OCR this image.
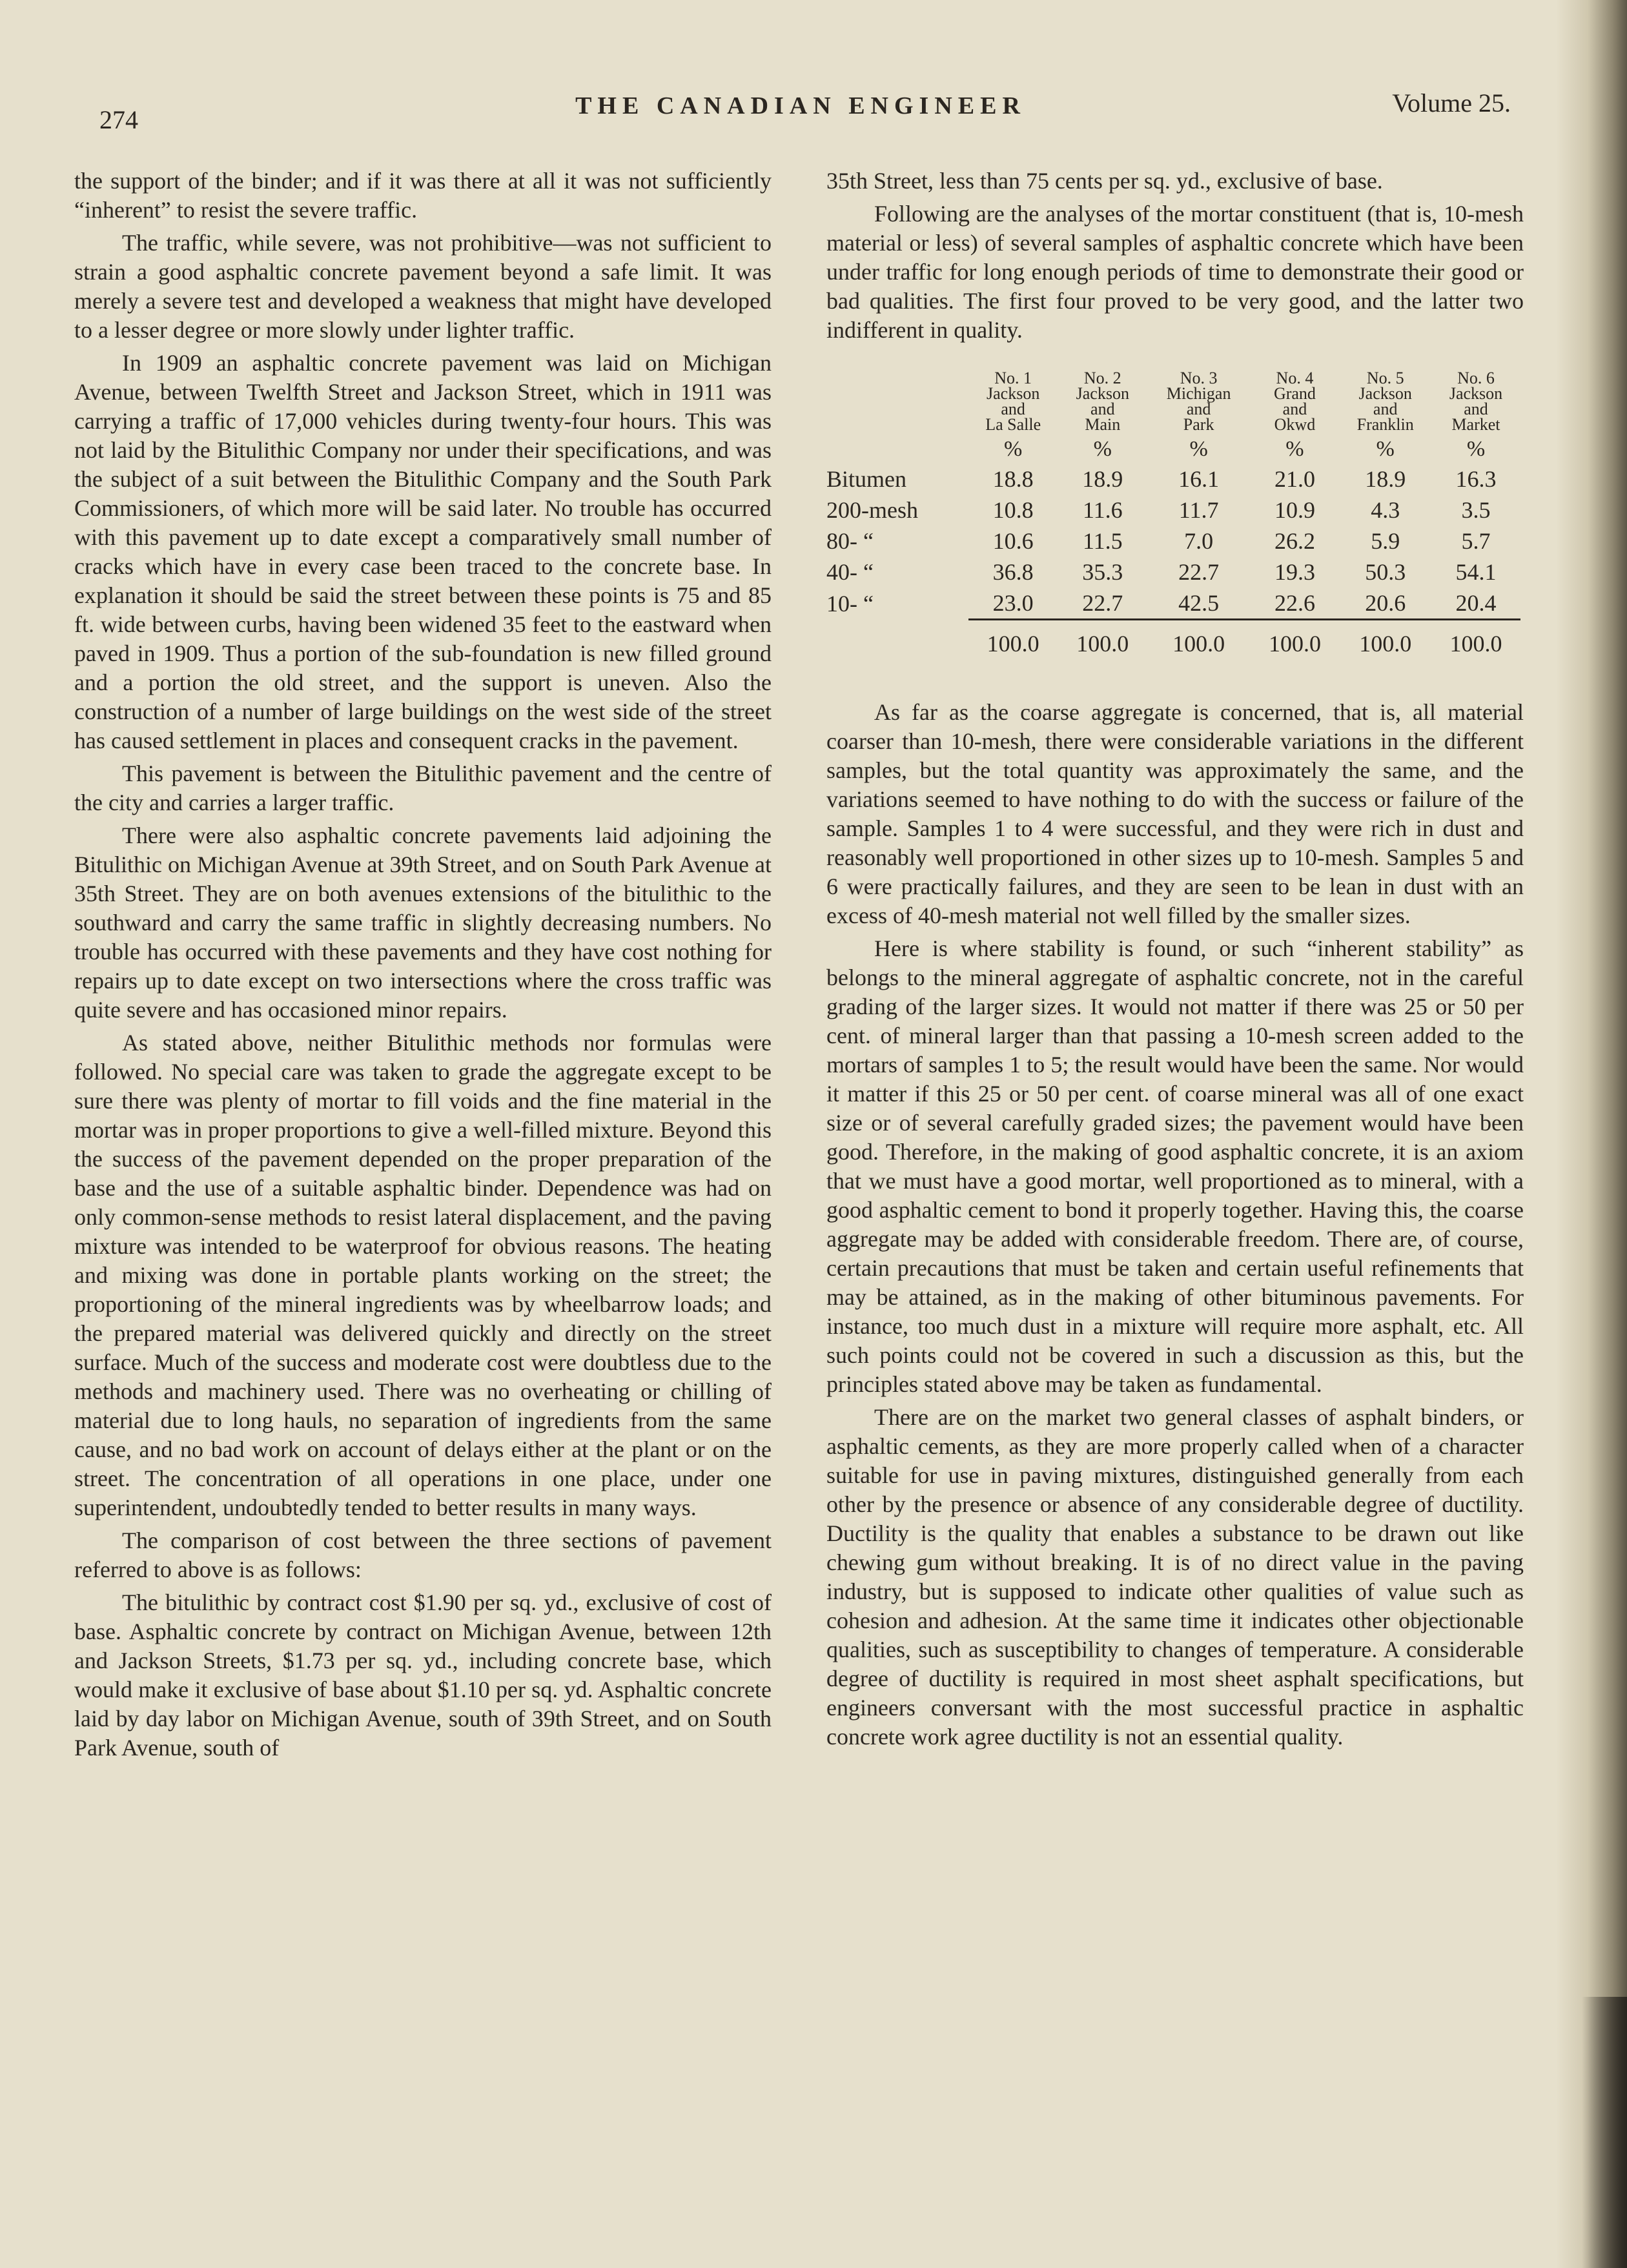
274	THE CANADIAN ENGINEER	Volume 25.

the support of the binder; and if it was there at all it was not sufficiently “inherent” to resist the severe traffic.

The traffic, while severe, was not prohibitive—was not sufficient to strain a good asphaltic concrete pavement beyond a safe limit. It was merely a severe test and developed a weakness that might have developed to a lesser degree or more slowly under lighter traffic.

In 1909 an asphaltic concrete pavement was laid on Michigan Avenue, between Twelfth Street and Jackson Street, which in 1911 was carrying a traffic of 17,000 vehicles during twenty-four hours. This was not laid by the Bitulithic Company nor under their specifications, and was the subject of a suit between the Bitulithic Company and the South Park Commissioners, of which more will be said later. No trouble has occurred with this pavement up to date except a comparatively small number of cracks which have in every case been traced to the concrete base. In explanation it should be said the street between these points is 75 and 85 ft. wide between curbs, having been widened 35 feet to the eastward when paved in 1909. Thus a portion of the sub-foundation is new filled ground and a portion the old street, and the support is uneven. Also the construction of a number of large buildings on the west side of the street has caused settlement in places and consequent cracks in the pavement.

This pavement is between the Bitulithic pavement and the centre of the city and carries a larger traffic.

There were also asphaltic concrete pavements laid adjoining the Bitulithic on Michigan Avenue at 39th Street, and on South Park Avenue at 35th Street. They are on both avenues extensions of the bitulithic to the southward and carry the same traffic in slightly decreasing numbers. No trouble has occurred with these pavements and they have cost nothing for repairs up to date except on two intersections where the cross traffic was quite severe and has occasioned minor repairs.

As stated above, neither Bitulithic methods nor formulas were followed. No special care was taken to grade the aggregate except to be sure there was plenty of mortar to fill voids and the fine material in the mortar was in proper proportions to give a well-filled mixture. Beyond this the success of the pavement depended on the proper preparation of the base and the use of a suitable asphaltic binder. Dependence was had on only common-sense methods to resist lateral displacement, and the paving mixture was intended to be waterproof for obvious reasons. The heating and mixing was done in portable plants working on the street; the proportioning of the mineral ingredients was by wheelbarrow loads; and the prepared material was delivered quickly and directly on the street surface. Much of the success and moderate cost were doubtless due to the methods and machinery used. There was no overheating or chilling of material due to long hauls, no separation of ingredients from the same cause, and no bad work on account of delays either at the plant or on the street. The concentration of all operations in one place, under one superintendent, undoubtedly tended to better results in many ways.

The comparison of cost between the three sections of pavement referred to above is as follows:

The bitulithic by contract cost $1.90 per sq. yd., exclusive of cost of base. Asphaltic concrete by contract on Michigan Avenue, between 12th and Jackson Streets, $1.73 per sq. yd., including concrete base, which would make it exclusive of base about $1.10 per sq. yd. Asphaltic concrete laid by day labor on Michigan Avenue, south of 39th Street, and on South Park Avenue, south of

35th Street, less than 75 cents per sq. yd., exclusive of base.

Following are the analyses of the mortar constituent (that is, 10-mesh material or less) of several samples of asphaltic concrete which have been under traffic for long enough periods of time to demonstrate their good or bad qualities. The first four proved to be very good, and the latter two indifferent in quality.

	No. 1
Jackson
and
La Salle	No. 2
Jackson
and
Main	No. 3
Michigan
and
Park	No. 4
Grand
and
Okwd	No. 5
Jackson
and
Franklin	No. 6
Jackson
and
Market
	%	%	%	%	%	%
Bitumen	18.8	18.9	16.1	21.0	18.9	16.3
200-mesh	10.8	11.6	11.7	10.9	4.3	3.5
80- “	10.6	11.5	7.0	26.2	5.9	5.7
40- “	36.8	35.3	22.7	19.3	50.3	54.1
10- “	23.0	22.7	42.5	22.6	20.6	20.4
	100.0	100.0	100.0	100.0	100.0	100.0

As far as the coarse aggregate is concerned, that is, all material coarser than 10-mesh, there were considerable variations in the different samples, but the total quantity was approximately the same, and the variations seemed to have nothing to do with the success or failure of the sample. Samples 1 to 4 were successful, and they were rich in dust and reasonably well proportioned in other sizes up to 10-mesh. Samples 5 and 6 were practically failures, and they are seen to be lean in dust with an excess of 40-mesh material not well filled by the smaller sizes.

Here is where stability is found, or such “inherent stability” as belongs to the mineral aggregate of asphaltic concrete, not in the careful grading of the larger sizes. It would not matter if there was 25 or 50 per cent. of mineral larger than that passing a 10-mesh screen added to the mortars of samples 1 to 5; the result would have been the same. Nor would it matter if this 25 or 50 per cent. of coarse mineral was all of one exact size or of several carefully graded sizes; the pavement would have been good. Therefore, in the making of good asphaltic concrete, it is an axiom that we must have a good mortar, well proportioned as to mineral, with a good asphaltic cement to bond it properly together. Having this, the coarse aggregate may be added with considerable freedom. There are, of course, certain precautions that must be taken and certain useful refinements that may be attained, as in the making of other bituminous pavements. For instance, too much dust in a mixture will require more asphalt, etc. All such points could not be covered in such a discussion as this, but the principles stated above may be taken as fundamental.

There are on the market two general classes of asphalt binders, or asphaltic cements, as they are more properly called when of a character suitable for use in paving mixtures, distinguished generally from each other by the presence or absence of any considerable degree of ductility. Ductility is the quality that enables a substance to be drawn out like chewing gum without breaking. It is of no direct value in the paving industry, but is supposed to indicate other qualities of value such as cohesion and adhesion. At the same time it indicates other objectionable qualities, such as susceptibility to changes of temperature. A considerable degree of ductility is required in most sheet asphalt specifications, but engineers conversant with the most successful practice in asphaltic concrete work agree ductility is not an essential quality.
